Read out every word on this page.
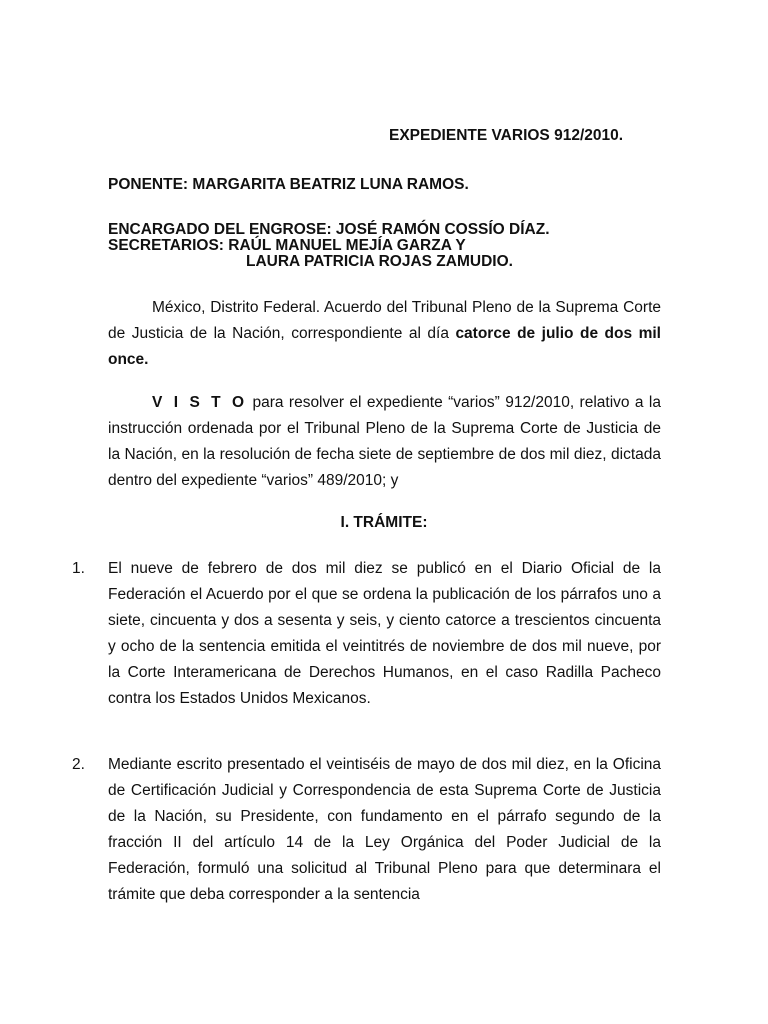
EXPEDIENTE VARIOS 912/2010.
PONENTE: MARGARITA BEATRIZ LUNA RAMOS.
ENCARGADO DEL ENGROSE: JOSÉ RAMÓN COSSÍO DÍAZ.
SECRETARIOS: RAÚL MANUEL MEJÍA GARZA Y
LAURA PATRICIA ROJAS ZAMUDIO.
México, Distrito Federal. Acuerdo del Tribunal Pleno de la Suprema Corte de Justicia de la Nación, correspondiente al día catorce de julio de dos mil once.
V I S T O para resolver el expediente “varios” 912/2010, relativo a la instrucción ordenada por el Tribunal Pleno de la Suprema Corte de Justicia de la Nación, en la resolución de fecha siete de septiembre de dos mil diez, dictada dentro del expediente “varios” 489/2010; y
I. TRÁMITE:
1. El nueve de febrero de dos mil diez se publicó en el Diario Oficial de la Federación el Acuerdo por el que se ordena la publicación de los párrafos uno a siete, cincuenta y dos a sesenta y seis, y ciento catorce a trescientos cincuenta y ocho de la sentencia emitida el veintitrés de noviembre de dos mil nueve, por la Corte Interamericana de Derechos Humanos, en el caso Radilla Pacheco contra los Estados Unidos Mexicanos.
2. Mediante escrito presentado el veintiséis de mayo de dos mil diez, en la Oficina de Certificación Judicial y Correspondencia de esta Suprema Corte de Justicia de la Nación, su Presidente, con fundamento en el párrafo segundo de la fracción II del artículo 14 de la Ley Orgánica del Poder Judicial de la Federación, formuló una solicitud al Tribunal Pleno para que determinara el trámite que deba corresponder a la sentencia
